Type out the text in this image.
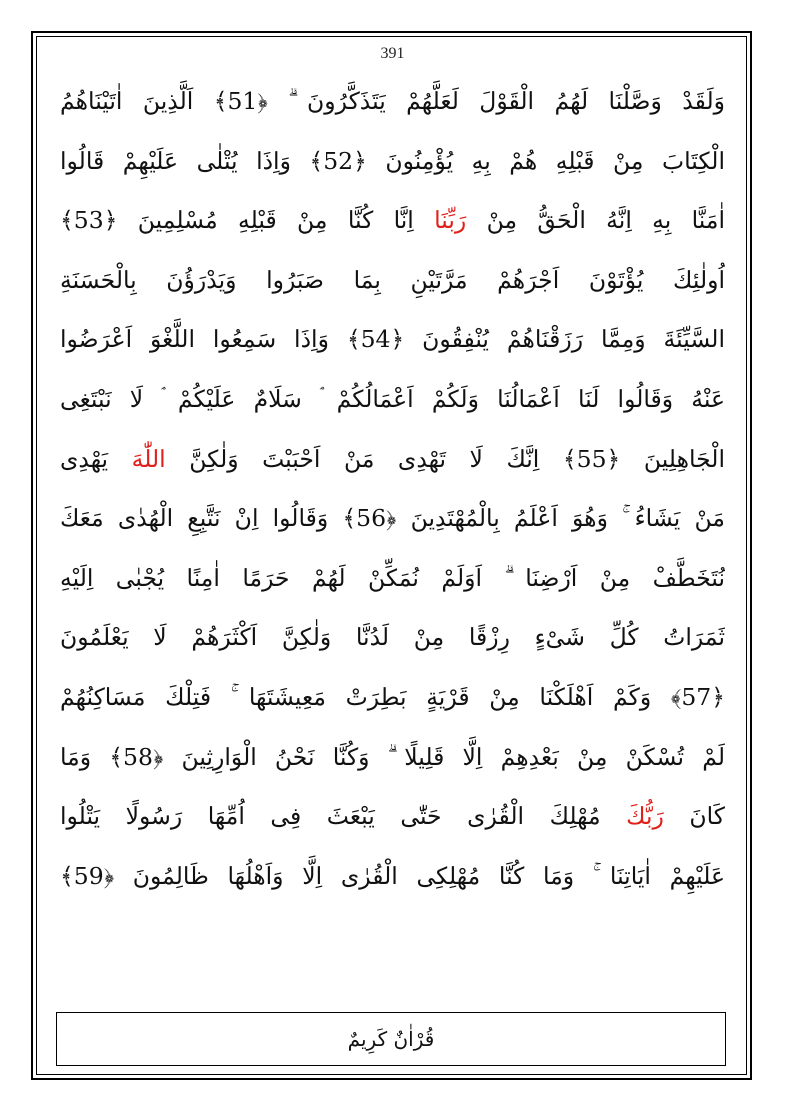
391
وَلَقَدْ وَصَّلْنَا لَهُمُ الْقَوْلَ لَعَلَّهُمْ يَتَذَكَّرُونَ ۗ ﴿51﴾ اَلَّذِينَ اٰتَيْنَاهُمُ
الْكِتَابَ مِنْ قَبْلِهِ هُمْ بِهِ يُؤْمِنُونَ ﴿52﴾ وَاِذَا يُتْلٰى عَلَيْهِمْ قَالُوا
اٰمَنَّا بِهِ اِنَّهُ الْحَقُّ مِنْ رَبِّنَا اِنَّا كُنَّا مِنْ قَبْلِهِ مُسْلِمِينَ ﴿53﴾
اُولٰئِكَ يُؤْتَوْنَ اَجْرَهُمْ مَرَّتَيْنِ بِمَا صَبَرُوا وَيَدْرَؤُنَ بِالْحَسَنَةِ
السَّيِّئَةَ وَمِمَّا رَزَقْنَاهُمْ يُنْفِقُونَ ﴿54﴾ وَاِذَا سَمِعُوا اللَّغْوَ اَعْرَضُوا
عَنْهُ وَقَالُوا لَنَا اَعْمَالُنَا وَلَكُمْ اَعْمَالُكُمْ ۘ سَلَامٌ عَلَيْكُمْ ۘ لَا نَبْتَغِى
الْجَاهِلِينَ ﴿55﴾ اِنَّكَ لَا تَهْدِى مَنْ اَحْبَبْتَ وَلٰكِنَّ اللّٰهَ يَهْدِى
مَنْ يَشَاءُ ۚ وَهُوَ اَعْلَمُ بِالْمُهْتَدِينَ ﴿56﴾ وَقَالُوا اِنْ نَتَّبِعِ الْهُدٰى مَعَكَ
نُتَخَطَّفْ مِنْ اَرْضِنَا ۗ اَوَلَمْ نُمَكِّنْ لَهُمْ حَرَمًا اٰمِنًا يُجْبٰى اِلَيْهِ
ثَمَرَاتُ كُلِّ شَىْءٍ رِزْقًا مِنْ لَدُنَّا وَلٰكِنَّ اَكْثَرَهُمْ لَا يَعْلَمُونَ
﴿57﴾ وَكَمْ اَهْلَكْنَا مِنْ قَرْيَةٍ بَطِرَتْ مَعِيشَتَهَا ۚ فَتِلْكَ مَسَاكِنُهُمْ
لَمْ تُسْكَنْ مِنْ بَعْدِهِمْ اِلَّا قَلِيلًا ۗ وَكُنَّا نَحْنُ الْوَارِثِينَ ﴿58﴾ وَمَا
كَانَ رَبُّكَ مُهْلِكَ الْقُرٰى حَتّٰى يَبْعَثَ فِى اُمِّهَا رَسُولًا يَتْلُوا
عَلَيْهِمْ اٰيَاتِنَا ۚ وَمَا كُنَّا مُهْلِكِى الْقُرٰى اِلَّا وَاَهْلُهَا ظَالِمُونَ ﴿59﴾
قُرْاٰنٌ كَرِيمٌ
